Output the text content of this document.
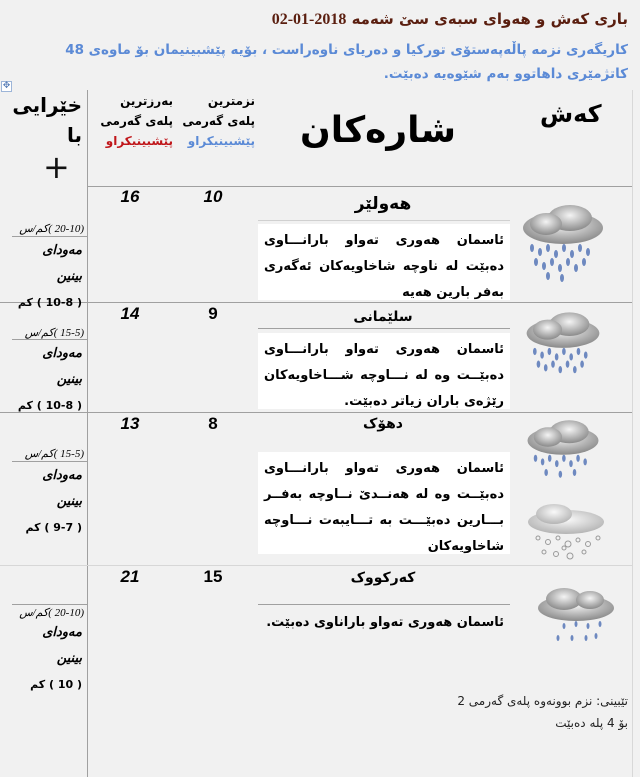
باری کەش و هەوای سبەی سێ شەمە 2018-01-02
کاریگەری نزمە پاڵەپەستۆی تورکیا و دەریای ناوەراست ، بۆیە پێشبینیمان بۆ ماوەی 48 کاتژمێری داهاتوو بەم شێوەیە دەبێت.
✥
خێرایی
با
+
بەرزترین
پلەی گەرمی
پێشبینیکراو
نزمترین
پلەی گەرمی
پێشبینیکراو شارەکان	کەش
16	10	هەولێر
ئاسمان هەوری تەواو بارانـــاوی دەبێت لە ناوچە شاخاویەکان ئەگەری بەفر بارین هەیە
(20-10 )کم/س
مەودای
بینین
( 10-8 ) کم
14	9	سلێمانی
ئاسمان هەوری تەواو بارانـــاوی دەبێــت وە لە نـــاوچە شـــاخاویەکان رێژەی باران زیاتر دەبێت.
(15-5 )کم/س
مەودای
بینین
( 10-8 ) کم
13	8	دهۆک
ئاسمان هەوری تەواو بارانـــاوی دەبێــت وە لە هەنــدێ نــاوچە بەفــر بـــارین دەبێـــت بە تـــایبەت نـــاوچە شاخاویەکان
(15-5 )کم/س
مەودای
بینین
( 9-7 ) کم
21	15	کەرکووک
ئاسمان هەوری تەواو باراناوی دەبێت.
(20-10 )کم/س
مەودای
بینین
( 10 ) کم
تێبینی: نزم بوونەوە پلەی گەرمی 2 بۆ 4 پلە دەبێت
